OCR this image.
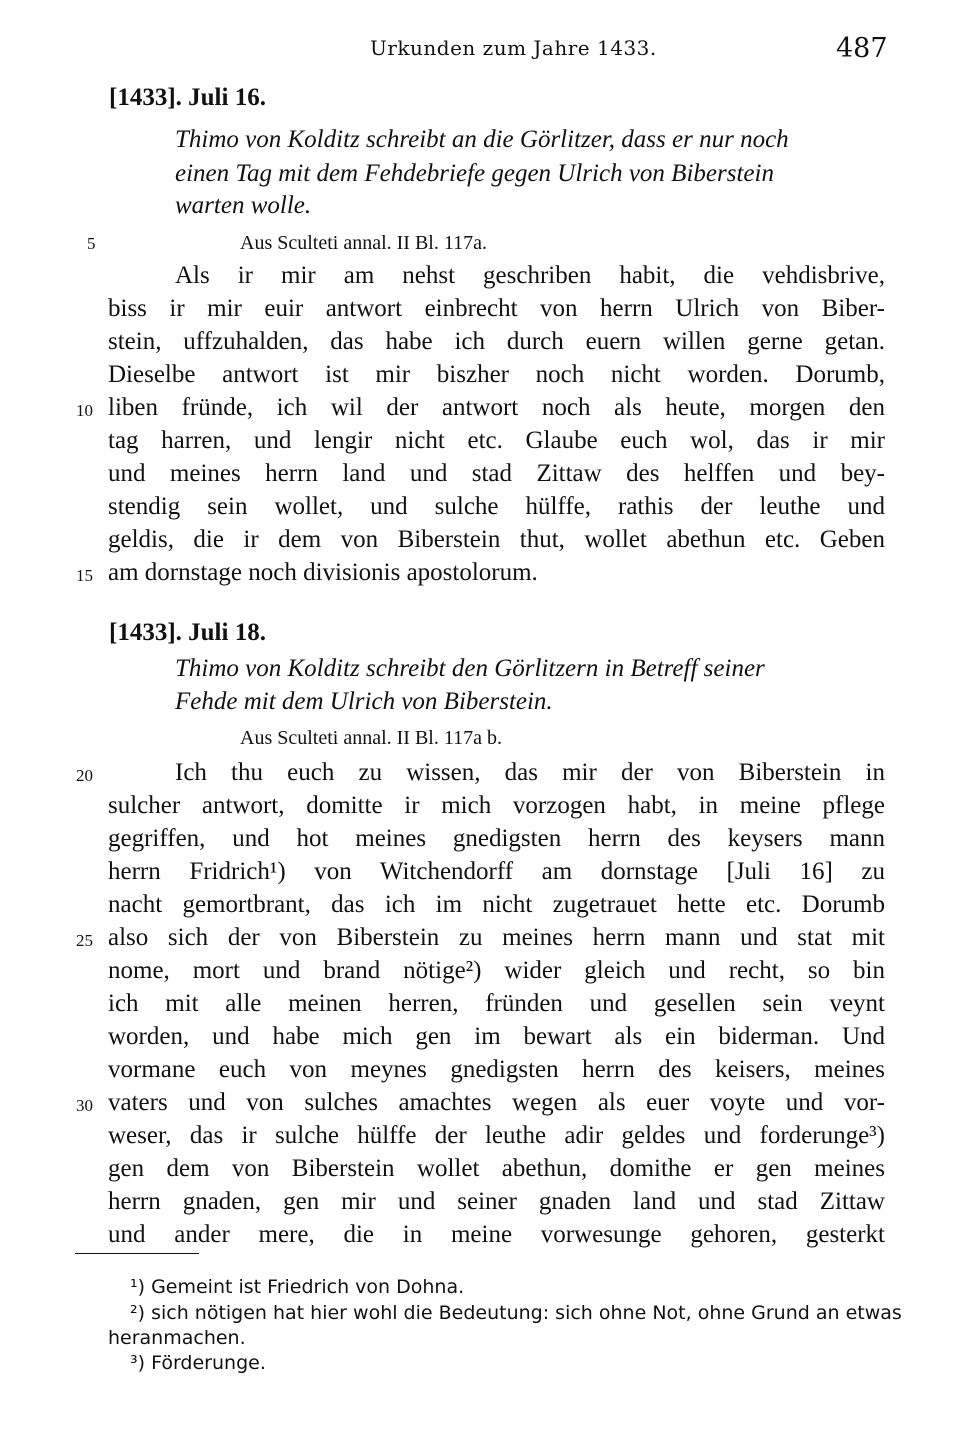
Urkunden zum Jahre 1433.	487
[1433]. Juli 16.
Thimo von Kolditz schreibt an die Görlitzer, dass er nur noch
einen Tag mit dem Fehdebriefe gegen Ulrich von Biberstein
warten wolle.
Aus Sculteti annal. II Bl. 117a.
5
Als ir mir am nehst geschriben habit, die vehdisbrive,
biss ir mir euir antwort einbrecht von herrn Ulrich von Biber-
stein, uffzuhalden, das habe ich durch euern willen gerne getan.
Dieselbe antwort ist mir biszher noch nicht worden. Dorumb,
10 liben fründe, ich wil der antwort noch als heute, morgen den
tag harren, und lengir nicht etc. Glaube euch wol, das ir mir
und meines herrn land und stad Zittaw des helffen und bey-
stendig sein wollet, und sulche hülffe, rathis der leuthe und
geldis, die ir dem von Biberstein thut, wollet abethun etc. Geben
15 am dornstage noch divisionis apostolorum.
[1433]. Juli 18.
Thimo von Kolditz schreibt den Görlitzern in Betreff seiner
Fehde mit dem Ulrich von Biberstein.
Aus Sculteti annal. II Bl. 117a b.
20	Ich thu euch zu wissen, das mir der von Biberstein in
sulcher antwort, domitte ir mich vorzogen habt, in meine pflege
gegriffen, und hot meines gnedigsten herrn des keysers mann
herrn Fridrich¹) von Witchendorff am dornstage [Juli 16] zu
nacht gemortbrant, das ich im nicht zugetrauet hette etc. Dorumb
25 also sich der von Biberstein zu meines herrn mann und stat mit
nome, mort und brand nötige²) wider gleich und recht, so bin
ich mit alle meinen herren, fründen und gesellen sein veynt
worden, und habe mich gen im bewart als ein biderman. Und
vormane euch von meynes gnedigsten herrn des keisers, meines
30 vaters und von sulches amachtes wegen als euer voyte und vor-
weser, das ir sulche hülffe der leuthe adir geldes und forderunge³)
gen dem von Biberstein wollet abethun, domithe er gen meines
herrn gnaden, gen mir und seiner gnaden land und stad Zittaw
und ander mere, die in meine vorwesunge gehoren, gesterkt
¹) Gemeint ist Friedrich von Dohna.
²) sich nötigen hat hier wohl die Bedeutung: sich ohne Not, ohne Grund an etwas
heranmachen.
³) Förderunge.
